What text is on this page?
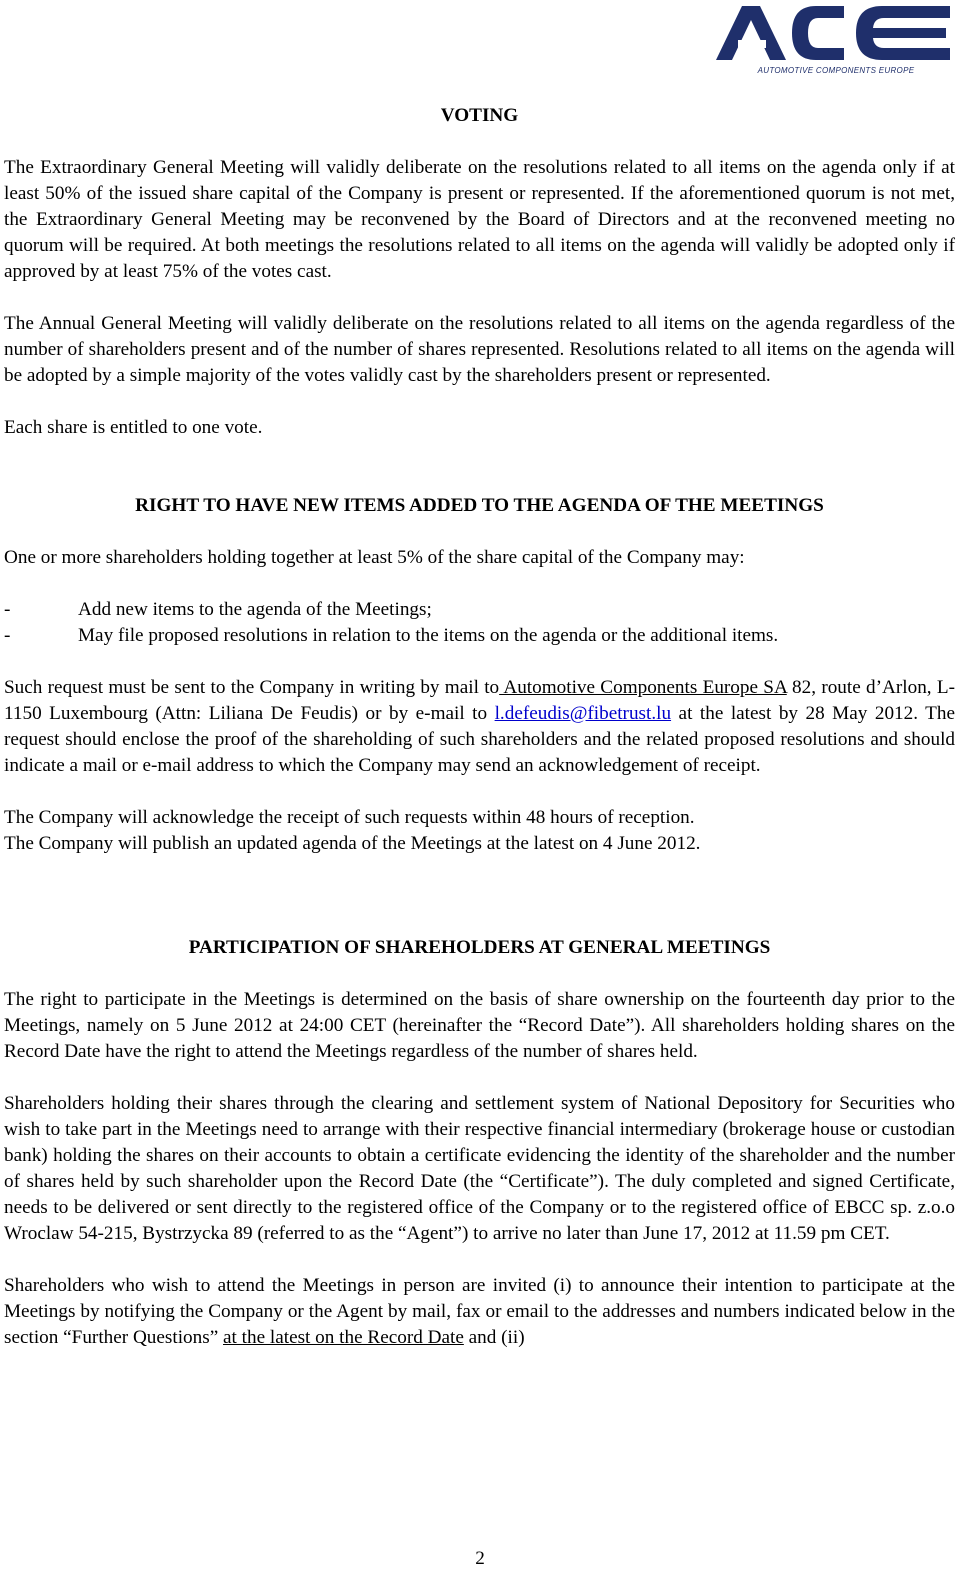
AUTOMOTIVE COMPONENTS EUROPE
VOTING

The Extraordinary General Meeting will validly deliberate on the resolutions related to all items on the agenda only if at least 50% of the issued share capital of the Company is present or represented. If the aforementioned quorum is not met, the Extraordinary General Meeting may be reconvened by the Board of Directors and at the reconvened meeting no quorum will be required. At both meetings the resolutions related to all items on the agenda will validly be adopted only if approved by at least 75% of the votes cast.

The Annual General Meeting will validly deliberate on the resolutions related to all items on the agenda regardless of the number of shareholders present and of the number of shares represented. Resolutions related to all items on the agenda will be adopted by a simple majority of the votes validly cast by the shareholders present or represented.

Each share is entitled to one vote.

RIGHT TO HAVE NEW ITEMS ADDED TO THE AGENDA OF THE MEETINGS

One or more shareholders holding together at least 5% of the share capital of the Company may:

-	Add new items to the agenda of the Meetings;
-	May file proposed resolutions in relation to the items on the agenda or the additional items.

Such request must be sent to the Company in writing by mail to Automotive Components Europe SA 82, route d’Arlon, L-1150 Luxembourg (Attn: Liliana De Feudis) or by e-mail to l.defeudis@fibetrust.lu at the latest by 28 May 2012. The request should enclose the proof of the shareholding of such shareholders and the related proposed resolutions and should indicate a mail or e-mail address to which the Company may send an acknowledgement of receipt.

The Company will acknowledge the receipt of such requests within 48 hours of reception.

The Company will publish an updated agenda of the Meetings at the latest on 4 June 2012.

PARTICIPATION OF SHAREHOLDERS AT GENERAL MEETINGS

The right to participate in the Meetings is determined on the basis of share ownership on the fourteenth day prior to the Meetings, namely on 5 June 2012 at 24:00 CET (hereinafter the “Record Date”). All shareholders holding shares on the Record Date have the right to attend the Meetings regardless of the number of shares held.

Shareholders holding their shares through the clearing and settlement system of National Depository for Securities who wish to take part in the Meetings need to arrange with their respective financial intermediary (brokerage house or custodian bank) holding the shares on their accounts to obtain a certificate evidencing the identity of the shareholder and the number of shares held by such shareholder upon the Record Date (the “Certificate”). The duly completed and signed Certificate, needs to be delivered or sent directly to the registered office of the Company or to the registered office of EBCC sp. z.o.o Wroclaw 54-215, Bystrzycka 89 (referred to as the “Agent”) to arrive no later than June 17, 2012 at 11.59 pm CET.

Shareholders who wish to attend the Meetings in person are invited (i) to announce their intention to participate at the Meetings by notifying the Company or the Agent by mail, fax or email to the addresses and numbers indicated below in the section “Further Questions” at the latest on the Record Date and (ii)

2
